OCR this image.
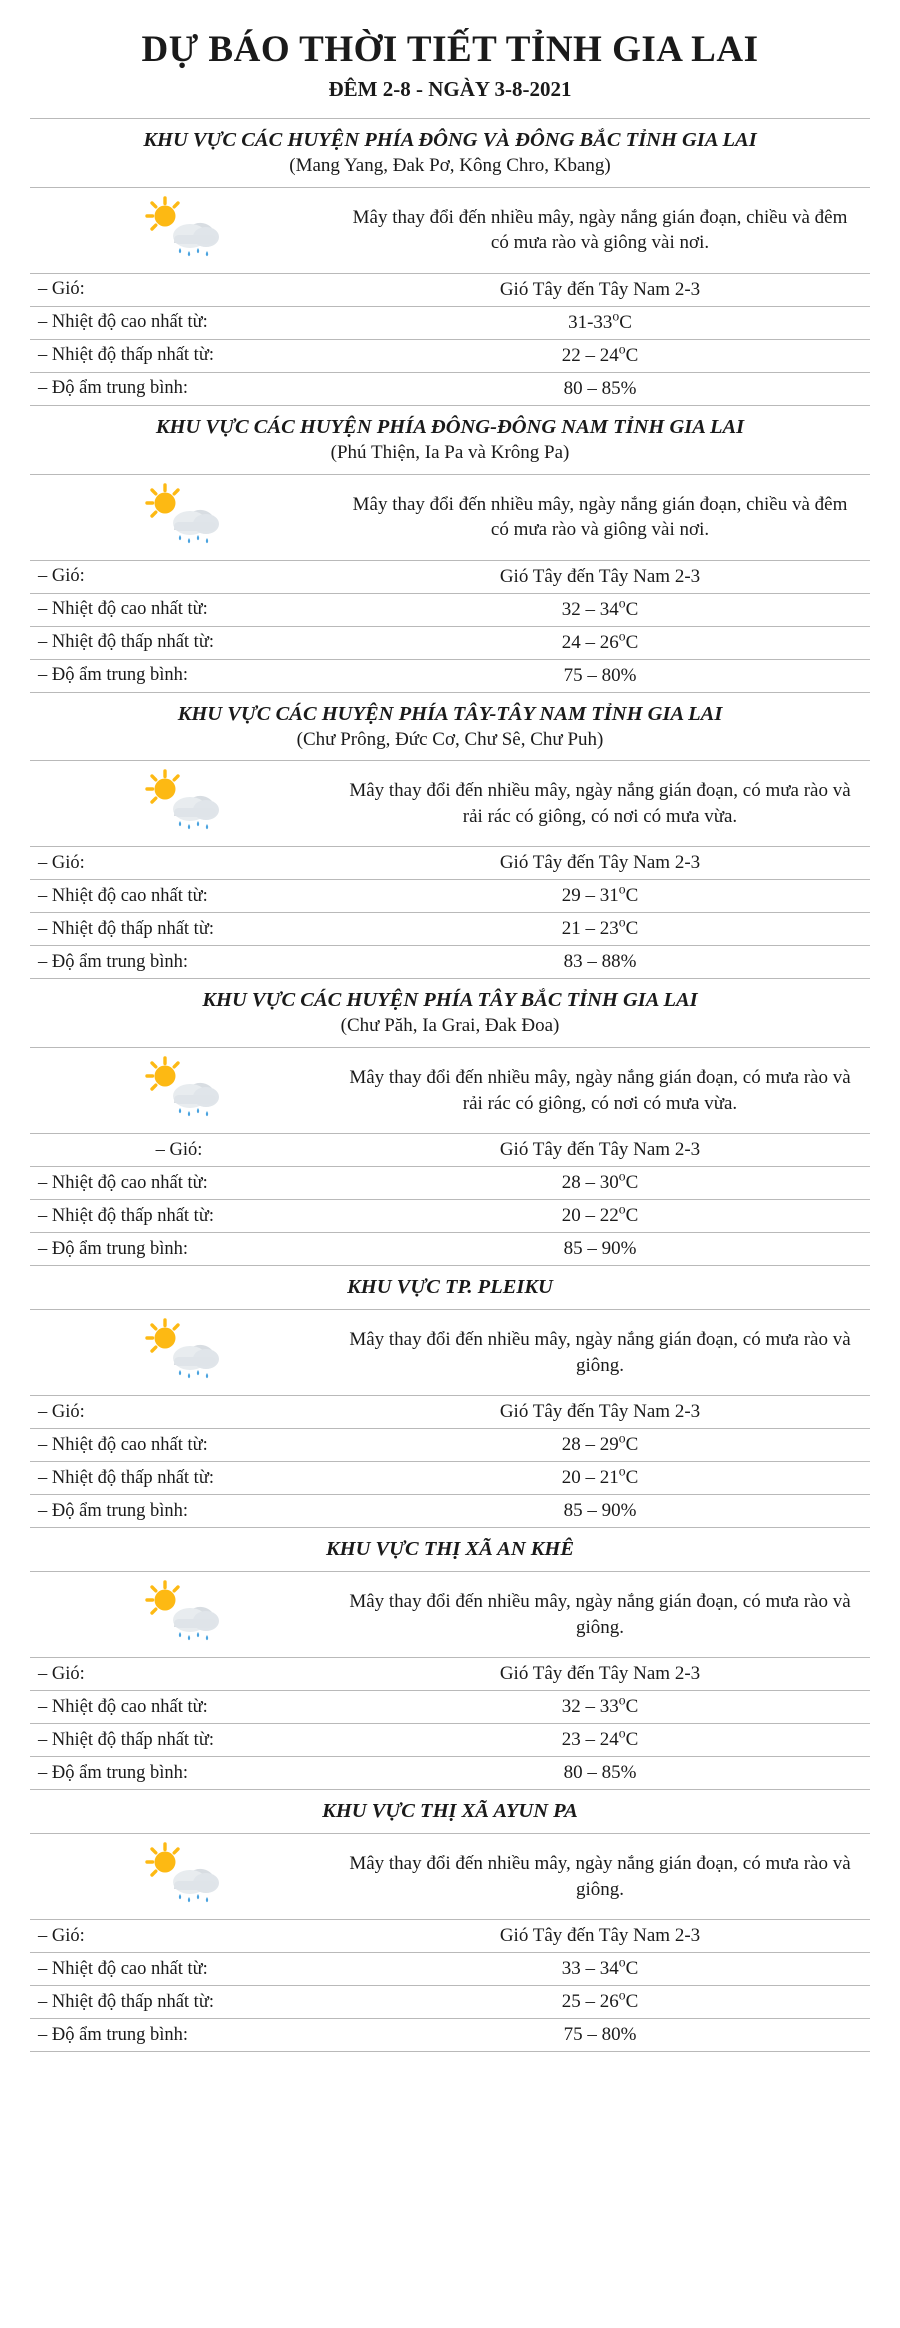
DỰ BÁO THỜI TIẾT TỈNH GIA LAI
ĐÊM 2-8 - NGÀY 3-8-2021
KHU VỰC CÁC HUYỆN PHÍA ĐÔNG VÀ ĐÔNG BẮC TỈNH GIA LAI
(Mang Yang, Đak Pơ, Kông Chro, Kbang)	

	Mây thay đổi đến nhiều mây, ngày nắng gián đoạn, chiều và đêm có mưa rào và giông vài nơi.
– Gió:	Gió Tây đến Tây Nam 2-3
– Nhiệt độ cao nhất từ:	31-33$^o$C
– Nhiệt độ thấp nhất từ:	22 – 24$^o$C
– Độ ẩm trung bình:	80 – 85%

KHU VỰC CÁC HUYỆN PHÍA ĐÔNG-ĐÔNG NAM TỈNH GIA LAI
(Phú Thiện, Ia Pa và Krông Pa)	

	Mây thay đổi đến nhiều mây, ngày nắng gián đoạn, chiều và đêm có mưa rào và giông vài nơi.
– Gió:	Gió Tây đến Tây Nam 2-3
– Nhiệt độ cao nhất từ:	32 – 34$^o$C
– Nhiệt độ thấp nhất từ:	24 – 26$^o$C
– Độ ẩm trung bình:	75 – 80%

KHU VỰC CÁC HUYỆN PHÍA TÂY-TÂY NAM TỈNH GIA LAI
(Chư Prông, Đức Cơ, Chư Sê, Chư Puh)	

	Mây thay đổi đến nhiều mây, ngày nắng gián đoạn, có mưa rào và rải rác có giông, có nơi có mưa vừa.
– Gió:	Gió Tây đến Tây Nam 2-3
– Nhiệt độ cao nhất từ:	29 – 31$^o$C
– Nhiệt độ thấp nhất từ:	21 – 23$^o$C
– Độ ẩm trung bình:	83 – 88%

KHU VỰC CÁC HUYỆN PHÍA TÂY BẮC TỈNH GIA LAI
(Chư Păh, Ia Grai, Đak Đoa)	

	Mây thay đổi đến nhiều mây, ngày nắng gián đoạn, có mưa rào và rải rác có giông, có nơi có mưa vừa.
– Gió:	Gió Tây đến Tây Nam 2-3
– Nhiệt độ cao nhất từ:	28 – 30$^o$C
– Nhiệt độ thấp nhất từ:	20 – 22$^o$C
– Độ ẩm trung bình:	85 – 90%

KHU VỰC TP. PLEIKU	

	Mây thay đổi đến nhiều mây, ngày nắng gián đoạn, có mưa rào và giông.
– Gió:	Gió Tây đến Tây Nam 2-3
– Nhiệt độ cao nhất từ:	28 – 29$^o$C
– Nhiệt độ thấp nhất từ:	20 – 21$^o$C
– Độ ẩm trung bình:	85 – 90%

KHU VỰC THỊ XÃ AN KHÊ	

	Mây thay đổi đến nhiều mây, ngày nắng gián đoạn, có mưa rào và giông.
– Gió:	Gió Tây đến Tây Nam 2-3
– Nhiệt độ cao nhất từ:	32 – 33$^o$C
– Nhiệt độ thấp nhất từ:	23 – 24$^o$C
– Độ ẩm trung bình:	80 – 85%

KHU VỰC THỊ XÃ AYUN PA	

	Mây thay đổi đến nhiều mây, ngày nắng gián đoạn, có mưa rào và giông.
– Gió:	Gió Tây đến Tây Nam 2-3
– Nhiệt độ cao nhất từ:	33 – 34$^o$C
– Nhiệt độ thấp nhất từ:	25 – 26$^o$C
– Độ ẩm trung bình:	75 – 80%
